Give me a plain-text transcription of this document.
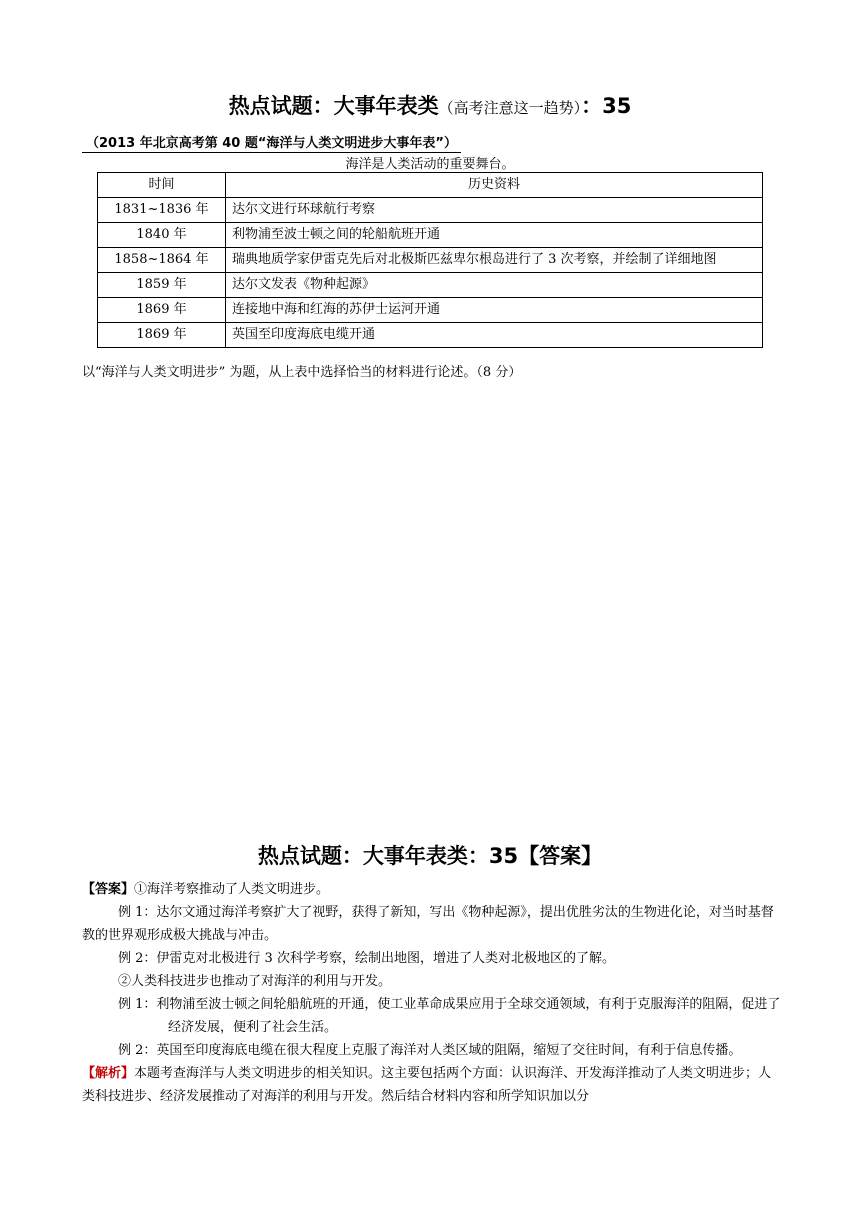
热点试题：大事年表类（高考注意这一趋势）：35
（2013 年北京高考第 40 题“海洋与人类文明进步大事年表”）
海洋是人类活动的重要舞台。
时间	历史资料
1831~1836 年	达尔文进行环球航行考察
1840 年	利物浦至波士顿之间的轮船航班开通
1858~1864 年	瑞典地质学家伊雷克先后对北极斯匹兹卑尔根岛进行了 3 次考察，并绘制了详细地图
1859 年	达尔文发表《物种起源》
1869 年	连接地中海和红海的苏伊士运河开通
1869 年	英国至印度海底电缆开通
以“海洋与人类文明进步” 为题，从上表中选择恰当的材料进行论述。（8 分）
热点试题：大事年表类：35【答案】

【答案】①海洋考察推动了人类文明进步。

例 1：达尔文通过海洋考察扩大了视野，获得了新知，写出《物种起源》，提出优胜劣汰的生物进化论，对当时基督教的世界观形成极大挑战与冲击。

例 2：伊雷克对北极进行 3 次科学考察，绘制出地图，增进了人类对北极地区的了解。

②人类科技进步也推动了对海洋的利用与开发。

例 1：利物浦至波士顿之间轮船航班的开通，使工业革命成果应用于全球交通领域，有利于克服海洋的阻隔，促进了经济发展，便利了社会生活。

例 2：英国至印度海底电缆在很大程度上克服了海洋对人类区域的阻隔，缩短了交往时间，有利于信息传播。

【解析】本题考查海洋与人类文明进步的相关知识。这主要包括两个方面：认识海洋、开发海洋推动了人类文明进步；人类科技进步、经济发展推动了对海洋的利用与开发。然后结合材料内容和所学知识加以分
